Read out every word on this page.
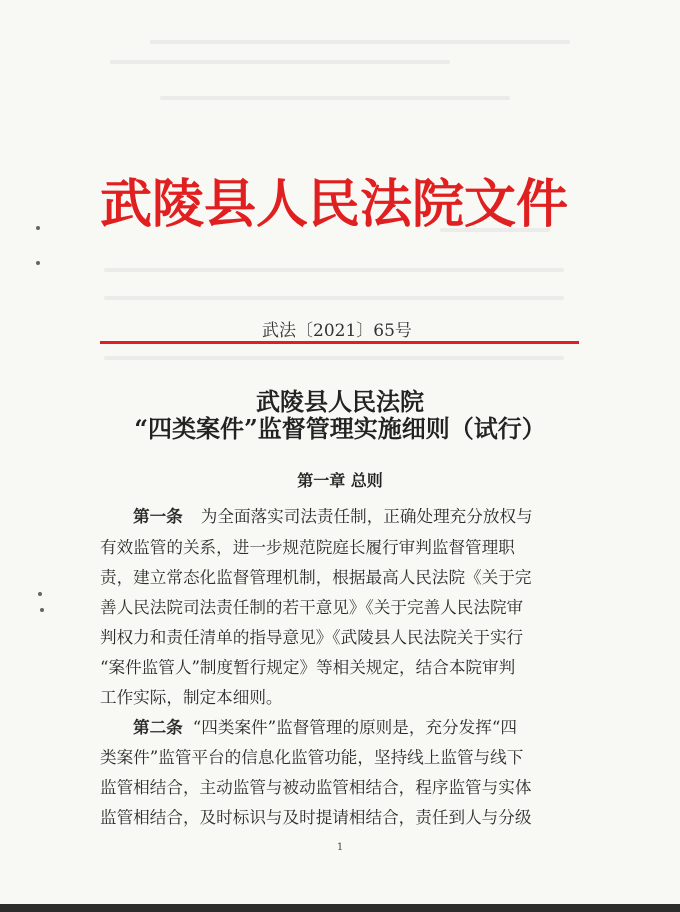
武陵县人民法院文件
武法〔2021〕65号
武陵县人民法院
“四类案件”监督管理实施细则（试行）
第一章 总则
第一条 为全面落实司法责任制，正确处理充分放权与
有效监管的关系，进一步规范院庭长履行审判监督管理职
责，建立常态化监督管理机制，根据最高人民法院《关于完
善人民法院司法责任制的若干意见》《关于完善人民法院审
判权力和责任清单的指导意见》《武陵县人民法院关于实行
“案件监管人”制度暂行规定》等相关规定，结合本院审判
工作实际，制定本细则。
第二条 “四类案件”监督管理的原则是，充分发挥“四
类案件”监管平台的信息化监管功能，坚持线上监管与线下
监管相结合，主动监管与被动监管相结合，程序监管与实体
监管相结合，及时标识与及时提请相结合，责任到人与分级
1
